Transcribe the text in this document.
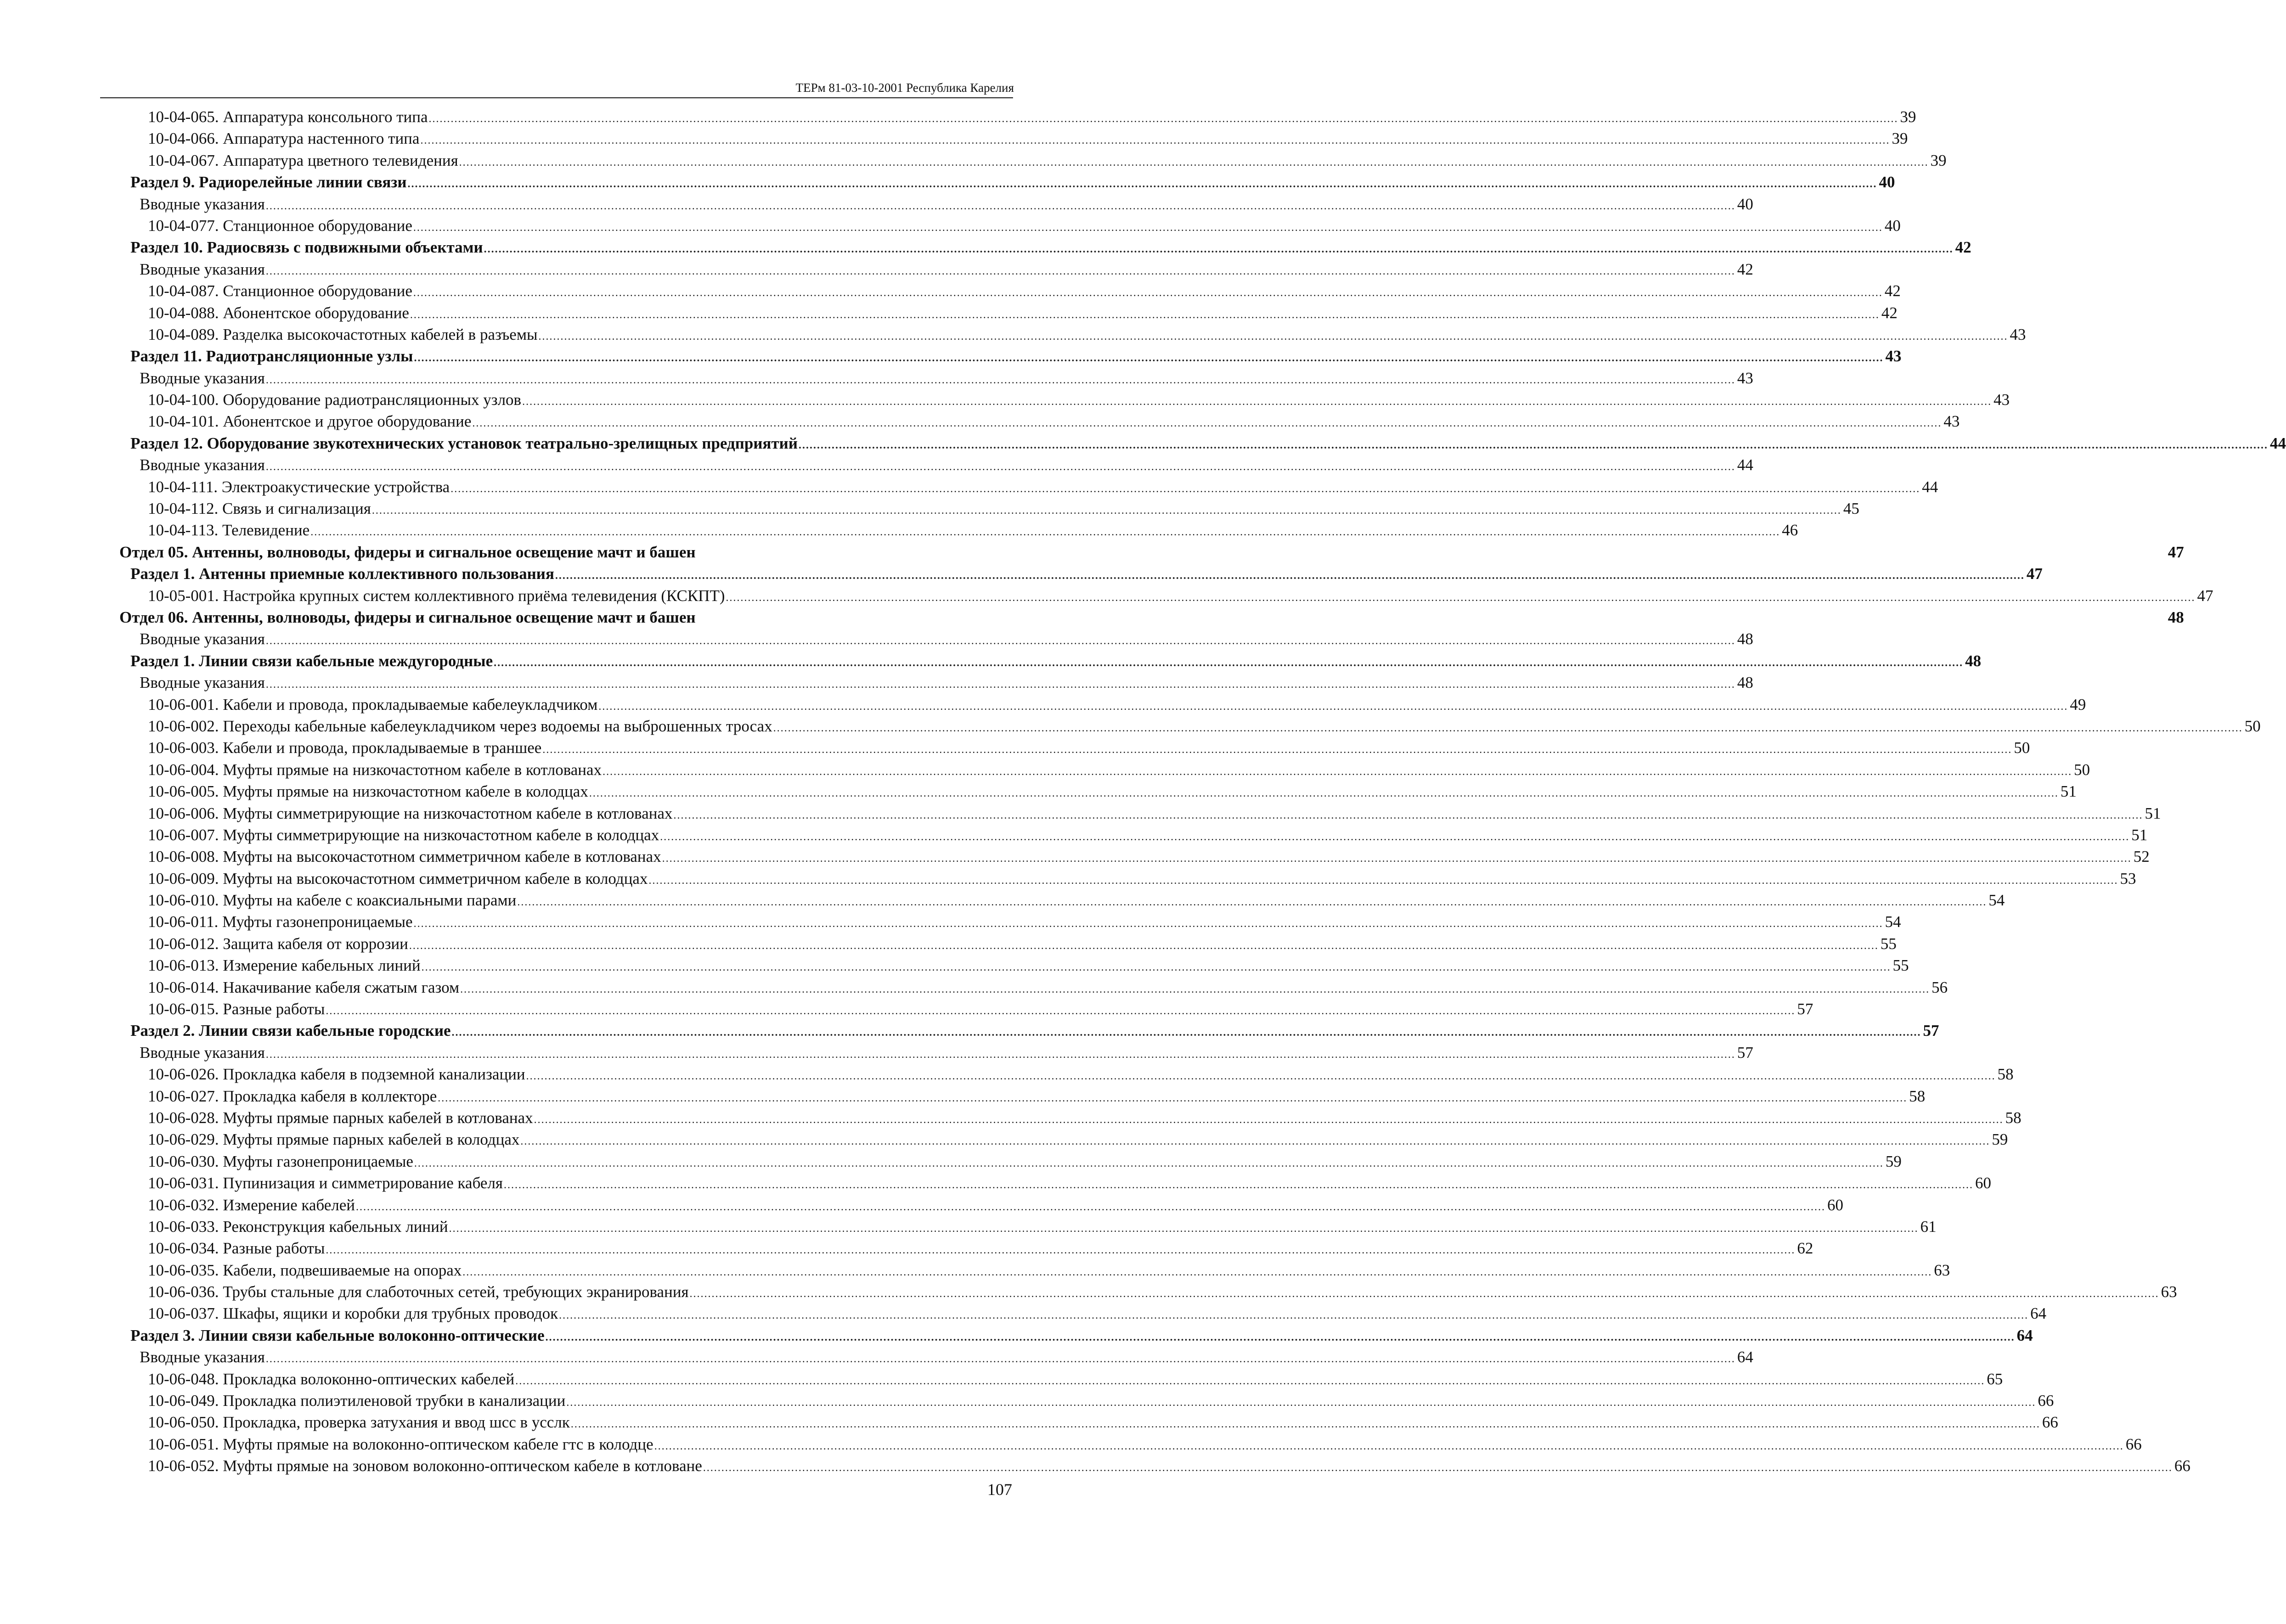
ТЕРм 81-03-10-2001 Республика Карелия
10-04-065. Аппаратура консольного типа ................................................................................................................................................................................................................................................................................................................................................................................................................ 39
10-04-066. Аппаратура настенного типа ................................................................................................................................................................................................................................................................................................................................................................................................................ 39
10-04-067. Аппаратура цветного телевидения ................................................................................................................................................................................................................................................................................................................................................................................................................ 39
Раздел 9. Радиорелейные линии связи ................................................................................................................................................................................................................................................................................................................................................................................................................ 40
Вводные указания ................................................................................................................................................................................................................................................................................................................................................................................................................ 40
10-04-077. Станционное оборудование ................................................................................................................................................................................................................................................................................................................................................................................................................ 40
Раздел 10. Радиосвязь с подвижными объектами ................................................................................................................................................................................................................................................................................................................................................................................................................ 42
Вводные указания ................................................................................................................................................................................................................................................................................................................................................................................................................ 42
10-04-087. Станционное оборудование ................................................................................................................................................................................................................................................................................................................................................................................................................ 42
10-04-088. Абонентское оборудование ................................................................................................................................................................................................................................................................................................................................................................................................................ 42
10-04-089. Разделка высокочастотных кабелей в разъемы ................................................................................................................................................................................................................................................................................................................................................................................................................ 43
Раздел 11. Радиотрансляционные узлы ................................................................................................................................................................................................................................................................................................................................................................................................................ 43
Вводные указания ................................................................................................................................................................................................................................................................................................................................................................................................................ 43
10-04-100. Оборудование радиотрансляционных узлов ................................................................................................................................................................................................................................................................................................................................................................................................................ 43
10-04-101. Абонентское и другое оборудование ................................................................................................................................................................................................................................................................................................................................................................................................................ 43
Раздел 12. Оборудование звукотехнических установок театрально-зрелищных предприятий ................................................................................................................................................................................................................................................................................................................................................................................................................ 44
Вводные указания ................................................................................................................................................................................................................................................................................................................................................................................................................ 44
10-04-111. Электроакустические устройства ................................................................................................................................................................................................................................................................................................................................................................................................................ 44
10-04-112. Связь и сигнализация ................................................................................................................................................................................................................................................................................................................................................................................................................ 45
10-04-113. Телевидение ................................................................................................................................................................................................................................................................................................................................................................................................................ 46
Отдел 05. Антенны, волноводы, фидеры и сигнальное освещение мачт и башен	47
Раздел 1. Антенны приемные коллективного пользования ................................................................................................................................................................................................................................................................................................................................................................................................................ 47
10-05-001. Настройка крупных систем коллективного приёма телевидения (КСКПТ) ................................................................................................................................................................................................................................................................................................................................................................................................................ 47
Отдел 06. Антенны, волноводы, фидеры и сигнальное освещение мачт и башен	48
Вводные указания ................................................................................................................................................................................................................................................................................................................................................................................................................ 48
Раздел 1. Линии связи кабельные междугородные ................................................................................................................................................................................................................................................................................................................................................................................................................ 48
Вводные указания ................................................................................................................................................................................................................................................................................................................................................................................................................ 48
10-06-001. Кабели и провода, прокладываемые кабелеукладчиком ................................................................................................................................................................................................................................................................................................................................................................................................................ 49
10-06-002. Переходы кабельные кабелеукладчиком через водоемы на выброшенных тросах ................................................................................................................................................................................................................................................................................................................................................................................................................ 50
10-06-003. Кабели и провода, прокладываемые в траншее ................................................................................................................................................................................................................................................................................................................................................................................................................ 50
10-06-004. Муфты прямые на низкочастотном кабеле в котлованах ................................................................................................................................................................................................................................................................................................................................................................................................................ 50
10-06-005. Муфты прямые на низкочастотном кабеле в колодцах ................................................................................................................................................................................................................................................................................................................................................................................................................ 51
10-06-006. Муфты симметрирующие на низкочастотном кабеле в котлованах ................................................................................................................................................................................................................................................................................................................................................................................................................ 51
10-06-007. Муфты симметрирующие на низкочастотном кабеле в колодцах ................................................................................................................................................................................................................................................................................................................................................................................................................ 51
10-06-008. Муфты на высокочастотном симметричном кабеле в котлованах ................................................................................................................................................................................................................................................................................................................................................................................................................ 52
10-06-009. Муфты на высокочастотном симметричном кабеле в колодцах ................................................................................................................................................................................................................................................................................................................................................................................................................ 53
10-06-010. Муфты на кабеле с коаксиальными парами ................................................................................................................................................................................................................................................................................................................................................................................................................ 54
10-06-011. Муфты газонепроницаемые ................................................................................................................................................................................................................................................................................................................................................................................................................ 54
10-06-012. Защита кабеля от коррозии ................................................................................................................................................................................................................................................................................................................................................................................................................ 55
10-06-013. Измерение кабельных линий ................................................................................................................................................................................................................................................................................................................................................................................................................ 55
10-06-014. Накачивание кабеля сжатым газом ................................................................................................................................................................................................................................................................................................................................................................................................................ 56
10-06-015. Разные работы ................................................................................................................................................................................................................................................................................................................................................................................................................ 57
Раздел 2. Линии связи кабельные городские ................................................................................................................................................................................................................................................................................................................................................................................................................ 57
Вводные указания ................................................................................................................................................................................................................................................................................................................................................................................................................ 57
10-06-026. Прокладка кабеля в подземной канализации ................................................................................................................................................................................................................................................................................................................................................................................................................ 58
10-06-027. Прокладка кабеля в коллекторе ................................................................................................................................................................................................................................................................................................................................................................................................................ 58
10-06-028. Муфты прямые парных кабелей в котлованах ................................................................................................................................................................................................................................................................................................................................................................................................................ 58
10-06-029. Муфты прямые парных кабелей в колодцах ................................................................................................................................................................................................................................................................................................................................................................................................................ 59
10-06-030. Муфты газонепроницаемые ................................................................................................................................................................................................................................................................................................................................................................................................................ 59
10-06-031. Пупинизация и симметрирование кабеля ................................................................................................................................................................................................................................................................................................................................................................................................................ 60
10-06-032. Измерение кабелей ................................................................................................................................................................................................................................................................................................................................................................................................................ 60
10-06-033. Реконструкция кабельных линий ................................................................................................................................................................................................................................................................................................................................................................................................................ 61
10-06-034. Разные работы ................................................................................................................................................................................................................................................................................................................................................................................................................ 62
10-06-035. Кабели, подвешиваемые на опорах ................................................................................................................................................................................................................................................................................................................................................................................................................ 63
10-06-036. Трубы стальные для слаботочных сетей, требующих экранирования ................................................................................................................................................................................................................................................................................................................................................................................................................ 63
10-06-037. Шкафы, ящики и коробки для трубных проводок ................................................................................................................................................................................................................................................................................................................................................................................................................ 64
Раздел 3. Линии связи кабельные волоконно-оптические ................................................................................................................................................................................................................................................................................................................................................................................................................ 64
Вводные указания ................................................................................................................................................................................................................................................................................................................................................................................................................ 64
10-06-048. Прокладка волоконно-оптических кабелей ................................................................................................................................................................................................................................................................................................................................................................................................................ 65
10-06-049. Прокладка полиэтиленовой трубки в канализации ................................................................................................................................................................................................................................................................................................................................................................................................................ 66
10-06-050. Прокладка, проверка затухания и ввод шсс в усслк ................................................................................................................................................................................................................................................................................................................................................................................................................ 66
10-06-051. Муфты прямые на волоконно-оптическом кабеле гтс в колодце ................................................................................................................................................................................................................................................................................................................................................................................................................ 66
10-06-052. Муфты прямые на зоновом волоконно-оптическом кабеле в котловане ................................................................................................................................................................................................................................................................................................................................................................................................................ 66
107
